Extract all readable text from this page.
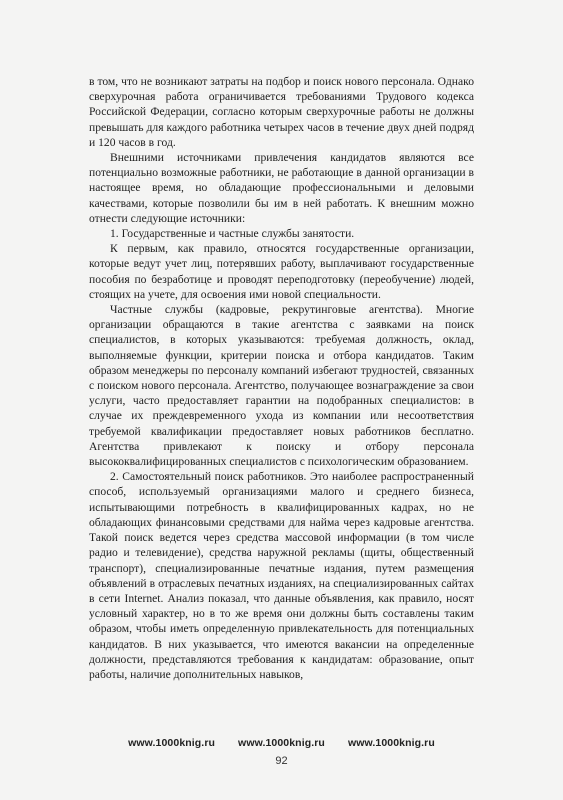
в том, что не возникают затраты на подбор и поиск нового персонала. Однако сверхурочная работа ограничивается требованиями Трудового кодекса Российской Федерации, согласно которым сверхурочные работы не должны превышать для каждого работника четырех часов в течение двух дней подряд и 120 часов в год.

Внешними источниками привлечения кандидатов являются все потенциально возможные работники, не работающие в данной организации в настоящее время, но обладающие профессиональными и деловыми качествами, которые позволили бы им в ней работать. К внешним можно отнести следующие источники:

1. Государственные и частные службы занятости.

К первым, как правило, относятся государственные организации, которые ведут учет лиц, потерявших работу, выплачивают государственные пособия по безработице и проводят переподготовку (переобучение) людей, стоящих на учете, для освоения ими новой специальности.

Частные службы (кадровые, рекрутинговые агентства). Многие организации обращаются в такие агентства с заявками на поиск специалистов, в которых указываются: требуемая должность, оклад, выполняемые функции, критерии поиска и отбора кандидатов. Таким образом менеджеры по персоналу компаний избегают трудностей, связанных с поиском нового персонала. Агентство, получающее вознаграждение за свои услуги, часто предоставляет гарантии на подобранных специалистов: в случае их преждевременного ухода из компании или несоответствия требуемой квалификации предоставляет новых работников бесплатно. Агентства привлекают к поиску и отбору персонала высококвалифицированных специалистов с психологическим образованием.

2. Самостоятельный поиск работников. Это наиболее распространенный способ, используемый организациями малого и среднего бизнеса, испытывающими потребность в квалифицированных кадрах, но не обладающих финансовыми средствами для найма через кадровые агентства. Такой поиск ведется через средства массовой информации (в том числе радио и телевидение), средства наружной рекламы (щиты, общественный транспорт), специализированные печатные издания, путем размещения объявлений в отраслевых печатных изданиях, на специализированных сайтах в сети Internet. Анализ показал, что данные объявления, как правило, носят условный характер, но в то же время они должны быть составлены таким образом, чтобы иметь определенную привлекательность для потенциальных кандидатов. В них указывается, что имеются вакансии на определенные должности, представляются требования к кандидатам: образование, опыт работы, наличие дополнительных навыков,

www.1000knig.ru www.1000knig.ru www.1000knig.ru
92
